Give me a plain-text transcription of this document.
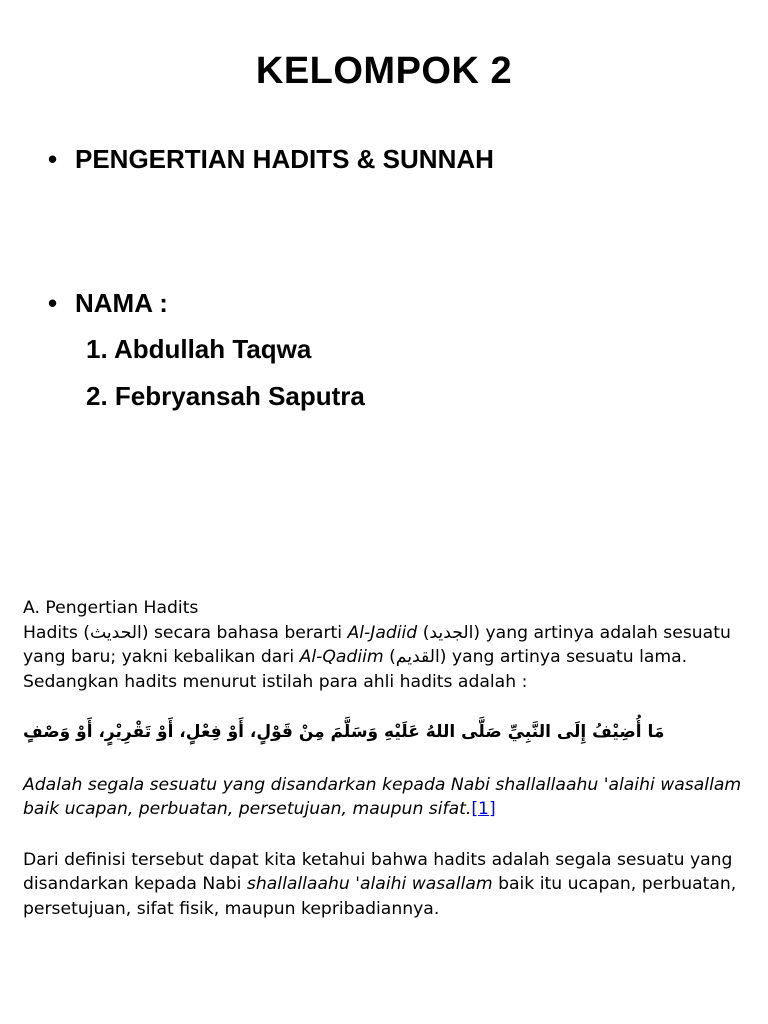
KELOMPOK 2
• PENGERTIAN HADITS & SUNNAH
• NAMA :
1. Abdullah Taqwa
2. Febryansah Saputra

A. Pengertian Hadits

Hadits (الحديث) secara bahasa berarti Al-Jadiid (الجديد) yang artinya adalah sesuatu yang baru; yakni kebalikan dari Al-Qadiim (القديم) yang artinya sesuatu lama. Sedangkan hadits menurut istilah para ahli hadits adalah :

مَا أُضِيْفُ إِلَى النَّبِيِّ صَلَّى اللهُ عَلَيْهِ وَسَلَّمَ مِنْ قَوْلٍ، أَوْ فِعْلٍ، أَوْ تَقْرِيْرٍ، أَوْ وَصْفٍ

Adalah segala sesuatu yang disandarkan kepada Nabi shallallaahu 'alaihi wasallam baik ucapan, perbuatan, persetujuan, maupun sifat.[1]

Dari definisi tersebut dapat kita ketahui bahwa hadits adalah segala sesuatu yang disandarkan kepada Nabi shallallaahu 'alaihi wasallam baik itu ucapan, perbuatan, persetujuan, sifat fisik, maupun kepribadiannya.
